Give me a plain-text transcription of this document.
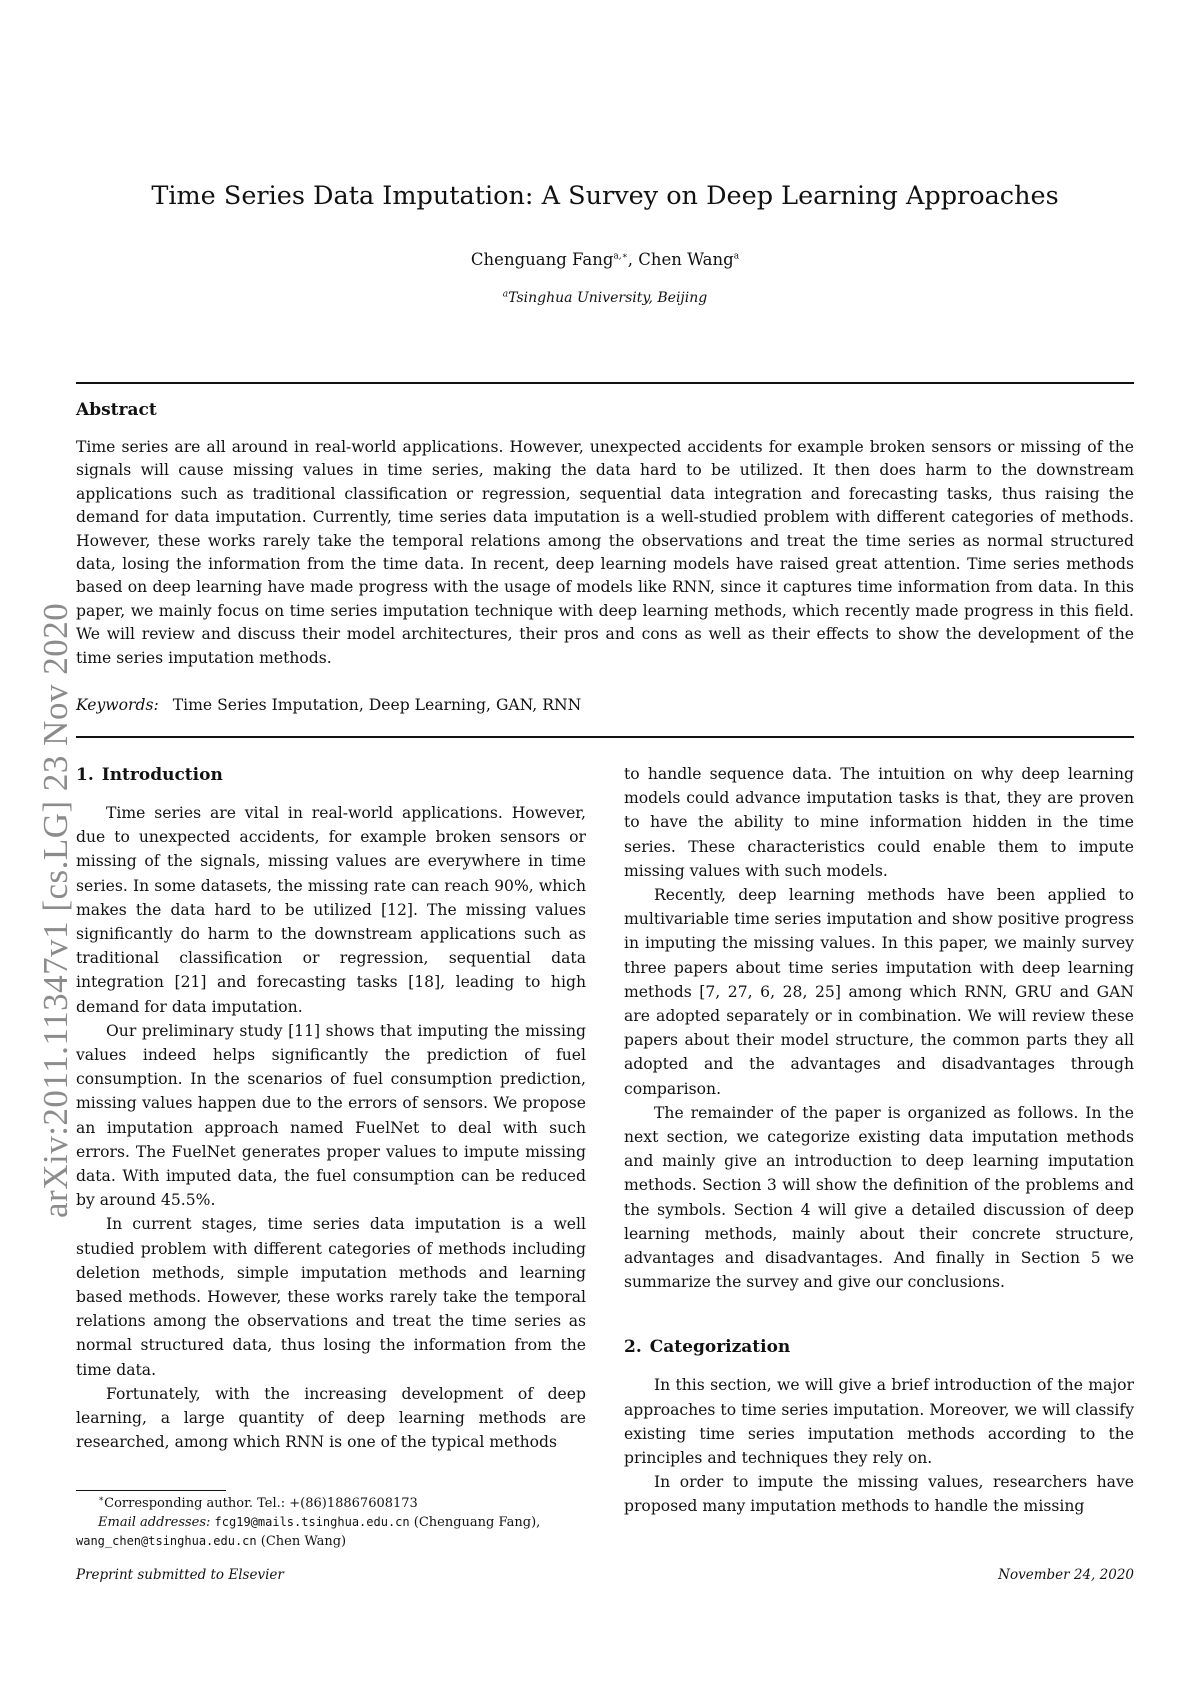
arXiv:2011.11347v1 [cs.LG] 23 Nov 2020
Time Series Data Imputation: A Survey on Deep Learning Approaches
Chenguang Fang$^{a,∗}$, Chen Wang$^a$
$^a$Tsinghua University, Beijing
Abstract

Time series are all around in real-world applications. However, unexpected accidents for example broken sensors or missing of the signals will cause missing values in time series, making the data hard to be utilized. It then does harm to the downstream applications such as traditional classification or regression, sequential data integration and forecasting tasks, thus raising the demand for data imputation. Currently, time series data imputation is a well-studied problem with different categories of methods. However, these works rarely take the temporal relations among the observations and treat the time series as normal structured data, losing the information from the time data. In recent, deep learning models have raised great attention. Time series methods based on deep learning have made progress with the usage of models like RNN, since it captures time information from data. In this paper, we mainly focus on time series imputation technique with deep learning methods, which recently made progress in this field. We will review and discuss their model architectures, their pros and cons as well as their effects to show the development of the time series imputation methods.

Keywords: Time Series Imputation, Deep Learning, GAN, RNN
1. Introduction

Time series are vital in real-world applications. However, due to unexpected accidents, for example broken sensors or missing of the signals, missing values are everywhere in time series. In some datasets, the missing rate can reach 90%, which makes the data hard to be utilized [12]. The missing values significantly do harm to the downstream applications such as traditional classification or regression, sequential data integration [21] and forecasting tasks [18], leading to high demand for data imputation.

Our preliminary study [11] shows that imputing the missing values indeed helps significantly the prediction of fuel consumption. In the scenarios of fuel consumption prediction, missing values happen due to the errors of sensors. We propose an imputation approach named FuelNet to deal with such errors. The FuelNet generates proper values to impute missing data. With imputed data, the fuel consumption can be reduced by around 45.5%.

In current stages, time series data imputation is a well studied problem with different categories of methods including deletion methods, simple imputation methods and learning based methods. However, these works rarely take the temporal relations among the observations and treat the time series as normal structured data, thus losing the information from the time data.

Fortunately, with the increasing development of deep learning, a large quantity of deep learning methods are researched, among which RNN is one of the typical methods

to handle sequence data. The intuition on why deep learning models could advance imputation tasks is that, they are proven to have the ability to mine information hidden in the time series. These characteristics could enable them to impute missing values with such models.

Recently, deep learning methods have been applied to multivariable time series imputation and show positive progress in imputing the missing values. In this paper, we mainly survey three papers about time series imputation with deep learning methods [7, 27, 6, 28, 25] among which RNN, GRU and GAN are adopted separately or in combination. We will review these papers about their model structure, the common parts they all adopted and the advantages and disadvantages through comparison.

The remainder of the paper is organized as follows. In the next section, we categorize existing data imputation methods and mainly give an introduction to deep learning imputation methods. Section 3 will show the definition of the problems and the symbols. Section 4 will give a detailed discussion of deep learning methods, mainly about their concrete structure, advantages and disadvantages. And finally in Section 5 we summarize the survey and give our conclusions.

2. Categorization

In this section, we will give a brief introduction of the major approaches to time series imputation. Moreover, we will classify existing time series imputation methods according to the principles and techniques they rely on.

In order to impute the missing values, researchers have proposed many imputation methods to handle the missing

∗Corresponding author. Tel.: +(86)18867608173

Email addresses: fcg19@mails.tsinghua.edu.cn (Chenguang Fang), wang_chen@tsinghua.edu.cn (Chen Wang)

Preprint submitted to Elsevier	November 24, 2020
